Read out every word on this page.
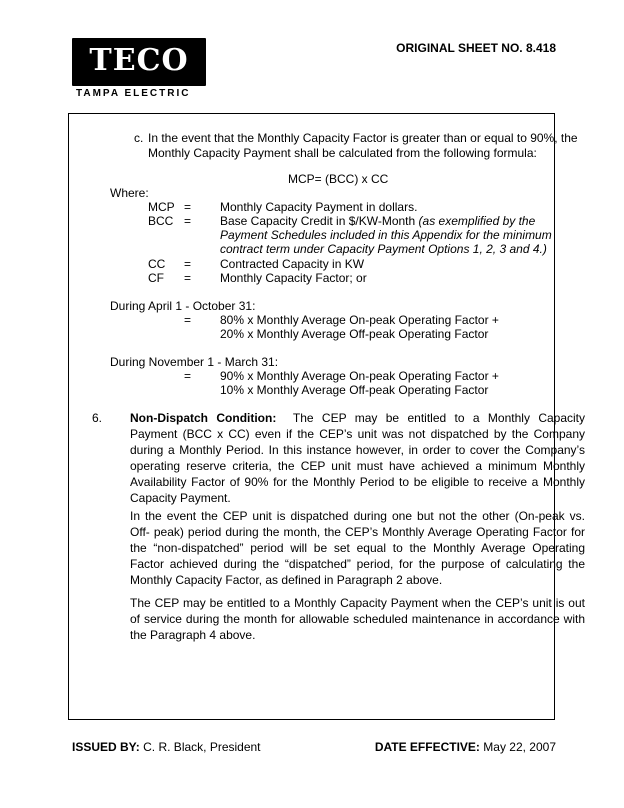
TECO
TAMPA ELECTRIC
ORIGINAL SHEET NO. 8.418
c. In the event that the Monthly Capacity Factor is greater than or equal to 90%, the
Monthly Capacity Payment shall be calculated from the following formula:
MCP= (BCC) x CC
Where:
MCP = Monthly Capacity Payment in dollars.
BCC = Base Capacity Credit in $/KW-Month (as exemplified by the
Payment Schedules included in this Appendix for the minimum
contract term under Capacity Payment Options 1, 2, 3 and 4.)
CC = Contracted Capacity in KW
CF = Monthly Capacity Factor; or
During April 1 - October 31:
= 80% x Monthly Average On-peak Operating Factor +
20% x Monthly Average Off-peak Operating Factor
During November 1 - March 31:
= 90% x Monthly Average On-peak Operating Factor +
10% x Monthly Average Off-peak Operating Factor
6. Non-Dispatch Condition: The CEP may be entitled to a Monthly Capacity
Payment (BCC x CC) even if the CEP’s unit was not dispatched by the Company
during a Monthly Period. In this instance however, in order to cover the Company’s
operating reserve criteria, the CEP unit must have achieved a minimum Monthly
Availability Factor of 90% for the Monthly Period to be eligible to receive a Monthly
Capacity Payment.
In the event the CEP unit is dispatched during one but not the other (On-peak vs.
Off- peak) period during the month, the CEP’s Monthly Average Operating Factor for
the “non-dispatched” period will be set equal to the Monthly Average Operating
Factor achieved during the “dispatched” period, for the purpose of calculating the
Monthly Capacity Factor, as defined in Paragraph 2 above.
The CEP may be entitled to a Monthly Capacity Payment when the CEP’s unit is out
of service during the month for allowable scheduled maintenance in accordance with
the Paragraph 4 above.
ISSUED BY: C. R. Black, President	DATE EFFECTIVE: May 22, 2007
